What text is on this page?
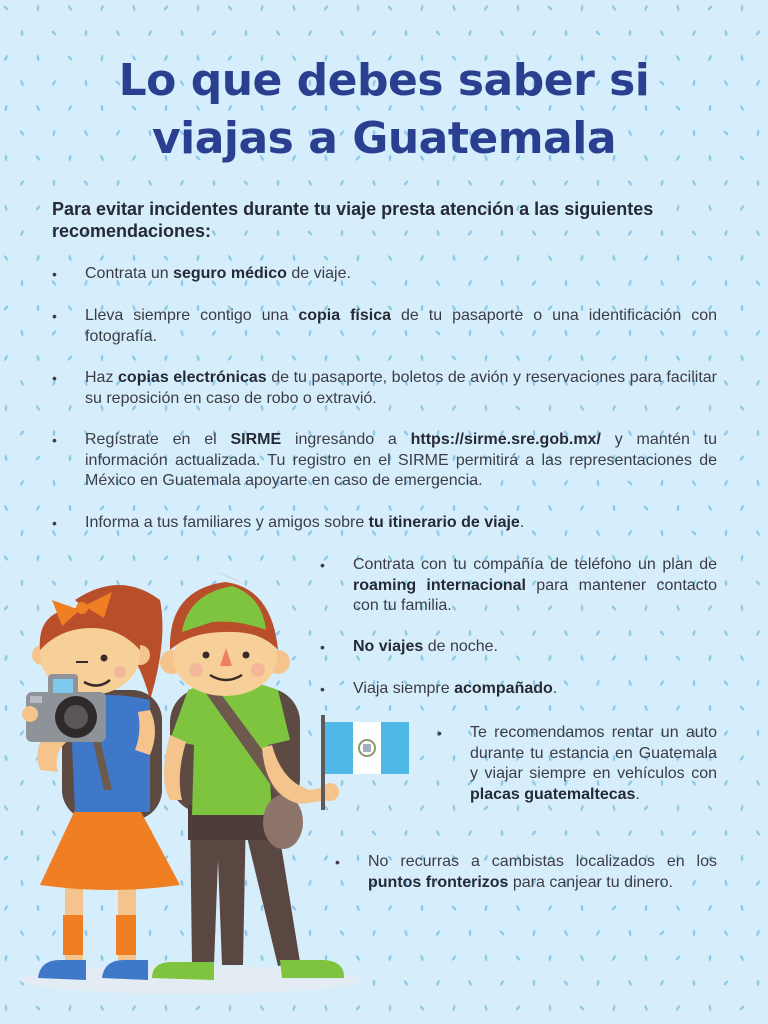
Lo que debes saber si
viajas a Guatemala

Para evitar incidentes durante tu viaje presta atención a las siguientes recomendaciones:

• Contrata un seguro médico de viaje.
• Lleva siempre contigo una copia física de tu pasaporte o una identificación con fotografía.
• Haz copias electrónicas de tu pasaporte, boletos de avión y reservaciones para facilitar su reposición en caso de robo o extravió.
• Regístrate en el SIRME ingresando a https://sirme.sre.gob.mx/ y mantén tu información actualizada. Tu registro en el SIRME permitirá a las representaciones de México en Guatemala apoyarte en caso de emergencia.
• Informa a tus familiares y amigos sobre tu itinerario de viaje.
• Contrata con tu compañía de teléfono un plan de roaming internacional para mantener contacto con tu familia.
• No viajes de noche.
• Viaja siempre acompañado.
• Te recomendamos rentar un auto durante tu estancia en Guatemala y viajar siempre en vehículos con placas guatemaltecas.
• No recurras a cambistas localizados en los puntos fronterizos para canjear tu dinero.
